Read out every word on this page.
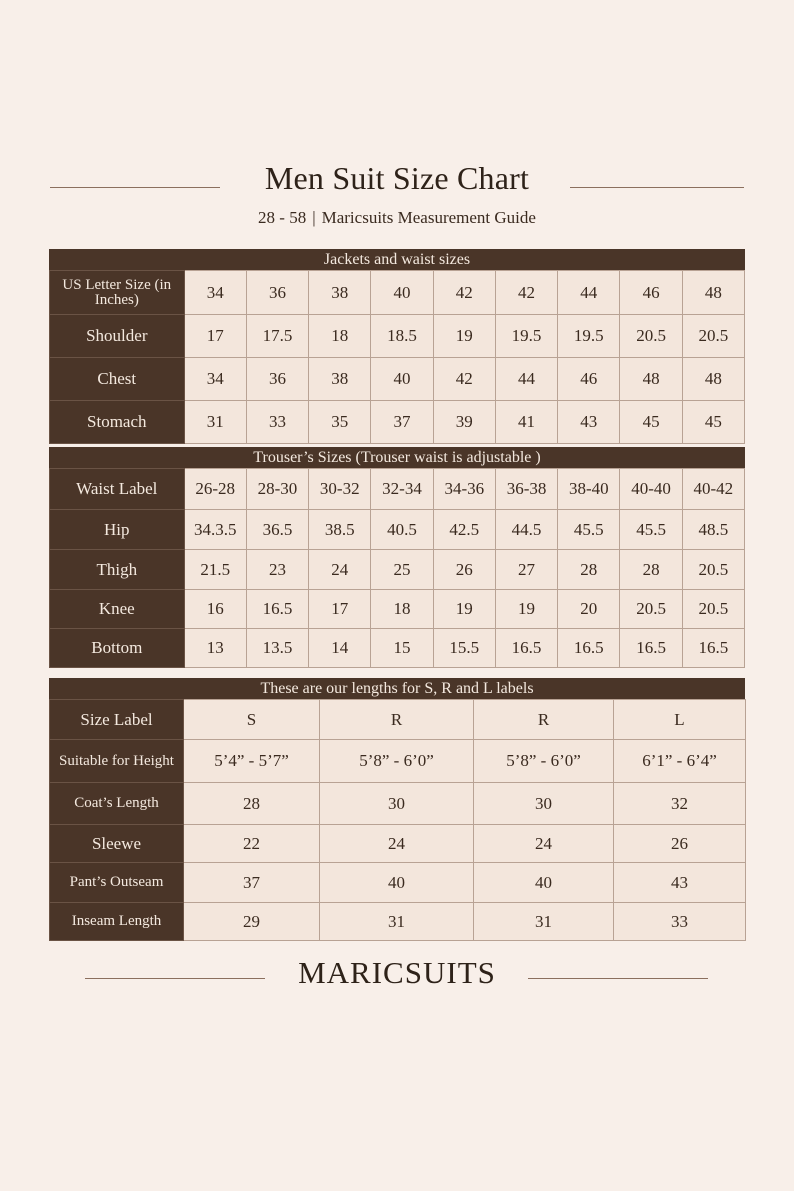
Men Suit Size Chart
28 - 58 | Maricsuits Measurement Guide
Jackets and waist sizes
US Letter Size (in Inches)	34	36	38	40	42	42	44	46	48
Shoulder	17	17.5	18	18.5	19	19.5	19.5	20.5	20.5
Chest	34	36	38	40	42	44	46	48	48
Stomach	31	33	35	37	39	41	43	45	45
Trouser’s Sizes (Trouser waist is adjustable )
Waist Label	26-28	28-30	30-32	32-34	34-36	36-38	38-40	40-40	40-42
Hip	34.3.5	36.5	38.5	40.5	42.5	44.5	45.5	45.5	48.5
Thigh	21.5	23	24	25	26	27	28	28	20.5
Knee	16	16.5	17	18	19	19	20	20.5	20.5
Bottom	13	13.5	14	15	15.5	16.5	16.5	16.5	16.5
These are our lengths for S, R and L labels
Size Label	S	R	R	L
Suitable for Height	5’4” - 5’7”	5’8” - 6’0”	5’8” - 6’0”	6’1” - 6’4”
Coat’s Length	28	30	30	32
Sleewe	22	24	24	26
Pant’s Outseam	37	40	40	43
Inseam Length	29	31	31	33
MARICSUITS
